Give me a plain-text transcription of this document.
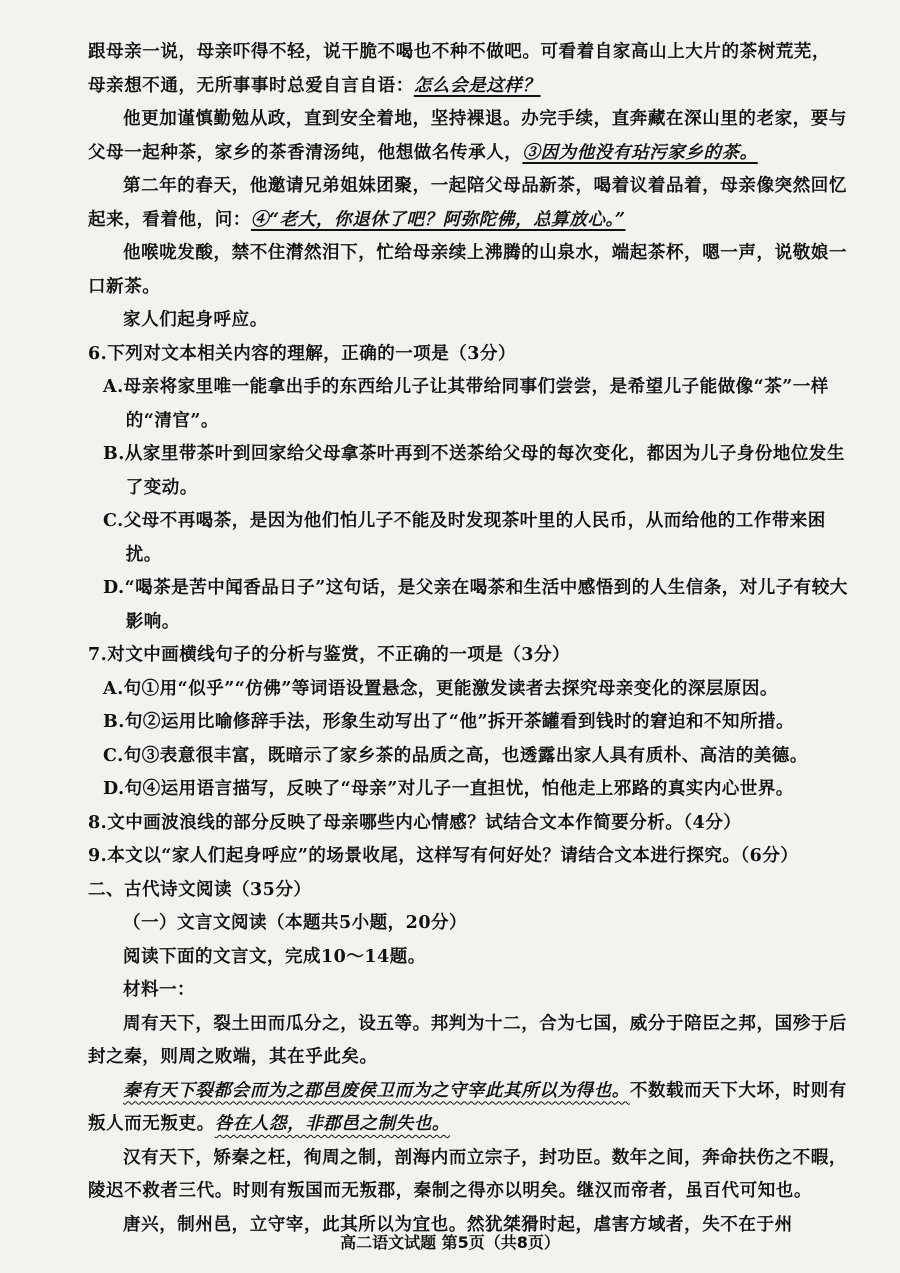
跟母亲一说，母亲吓得不轻，说干脆不喝也不种不做吧。可看着自家高山上大片的茶树荒芜，母亲想不通，无所事事时总爱自言自语：怎么会是这样？

他更加谨慎勤勉从政，直到安全着地，坚持裸退。办完手续，直奔藏在深山里的老家，要与父母一起种茶，家乡的茶香清汤纯，他想做名传承人，③因为他没有玷污家乡的茶。

第二年的春天，他邀请兄弟姐妹团聚，一起陪父母品新茶，喝着议着品着，母亲像突然回忆起来，看着他，问：④“老大，你退休了吧？阿弥陀佛，总算放心。”

他喉咙发酸，禁不住潸然泪下，忙给母亲续上沸腾的山泉水，端起茶杯，嗯一声，说敬娘一口新茶。

家人们起身呼应。

6.下列对文本相关内容的理解，正确的一项是（3分）

A.母亲将家里唯一能拿出手的东西给儿子让其带给同事们尝尝，是希望儿子能做像“茶”一样的“清官”。

B.从家里带茶叶到回家给父母拿茶叶再到不送茶给父母的每次变化，都因为儿子身份地位发生了变动。

C.父母不再喝茶，是因为他们怕儿子不能及时发现茶叶里的人民币，从而给他的工作带来困扰。

D.“喝茶是苦中闻香品日子”这句话，是父亲在喝茶和生活中感悟到的人生信条，对儿子有较大影响。

7.对文中画横线句子的分析与鉴赏，不正确的一项是（3分）

A.句①用“似乎”“仿佛”等词语设置悬念，更能激发读者去探究母亲变化的深层原因。

B.句②运用比喻修辞手法，形象生动写出了“他”拆开茶罐看到钱时的窘迫和不知所措。

C.句③表意很丰富，既暗示了家乡茶的品质之高，也透露出家人具有质朴、高洁的美德。

D.句④运用语言描写，反映了“母亲”对儿子一直担忧，怕他走上邪路的真实内心世界。

8.文中画波浪线的部分反映了母亲哪些内心情感？试结合文本作简要分析。（4分）

9.本文以“家人们起身呼应”的场景收尾，这样写有何好处？请结合文本进行探究。（6分）

二、古代诗文阅读（35分）

（一）文言文阅读（本题共5小题，20分）

阅读下面的文言文，完成10～14题。

材料一：

周有天下，裂土田而瓜分之，设五等。邦判为十二，合为七国，威分于陪臣之邦，国殄于后封之秦，则周之败端，其在乎此矣。

秦有天下裂都会而为之郡邑废侯卫而为之守宰此其所以为得也。不数载而天下大坏，时则有叛人而无叛吏。咎在人怨，非郡邑之制失也。

汉有天下，矫秦之枉，徇周之制，剖海内而立宗子，封功臣。数年之间，奔命扶伤之不暇，陵迟不救者三代。时则有叛国而无叛郡，秦制之得亦以明矣。继汉而帝者，虽百代可知也。

唐兴，制州邑，立守宰，此其所以为宜也。然犹桀猾时起，虐害方域者，失不在于州

高二语文试题 第5页（共8页）
